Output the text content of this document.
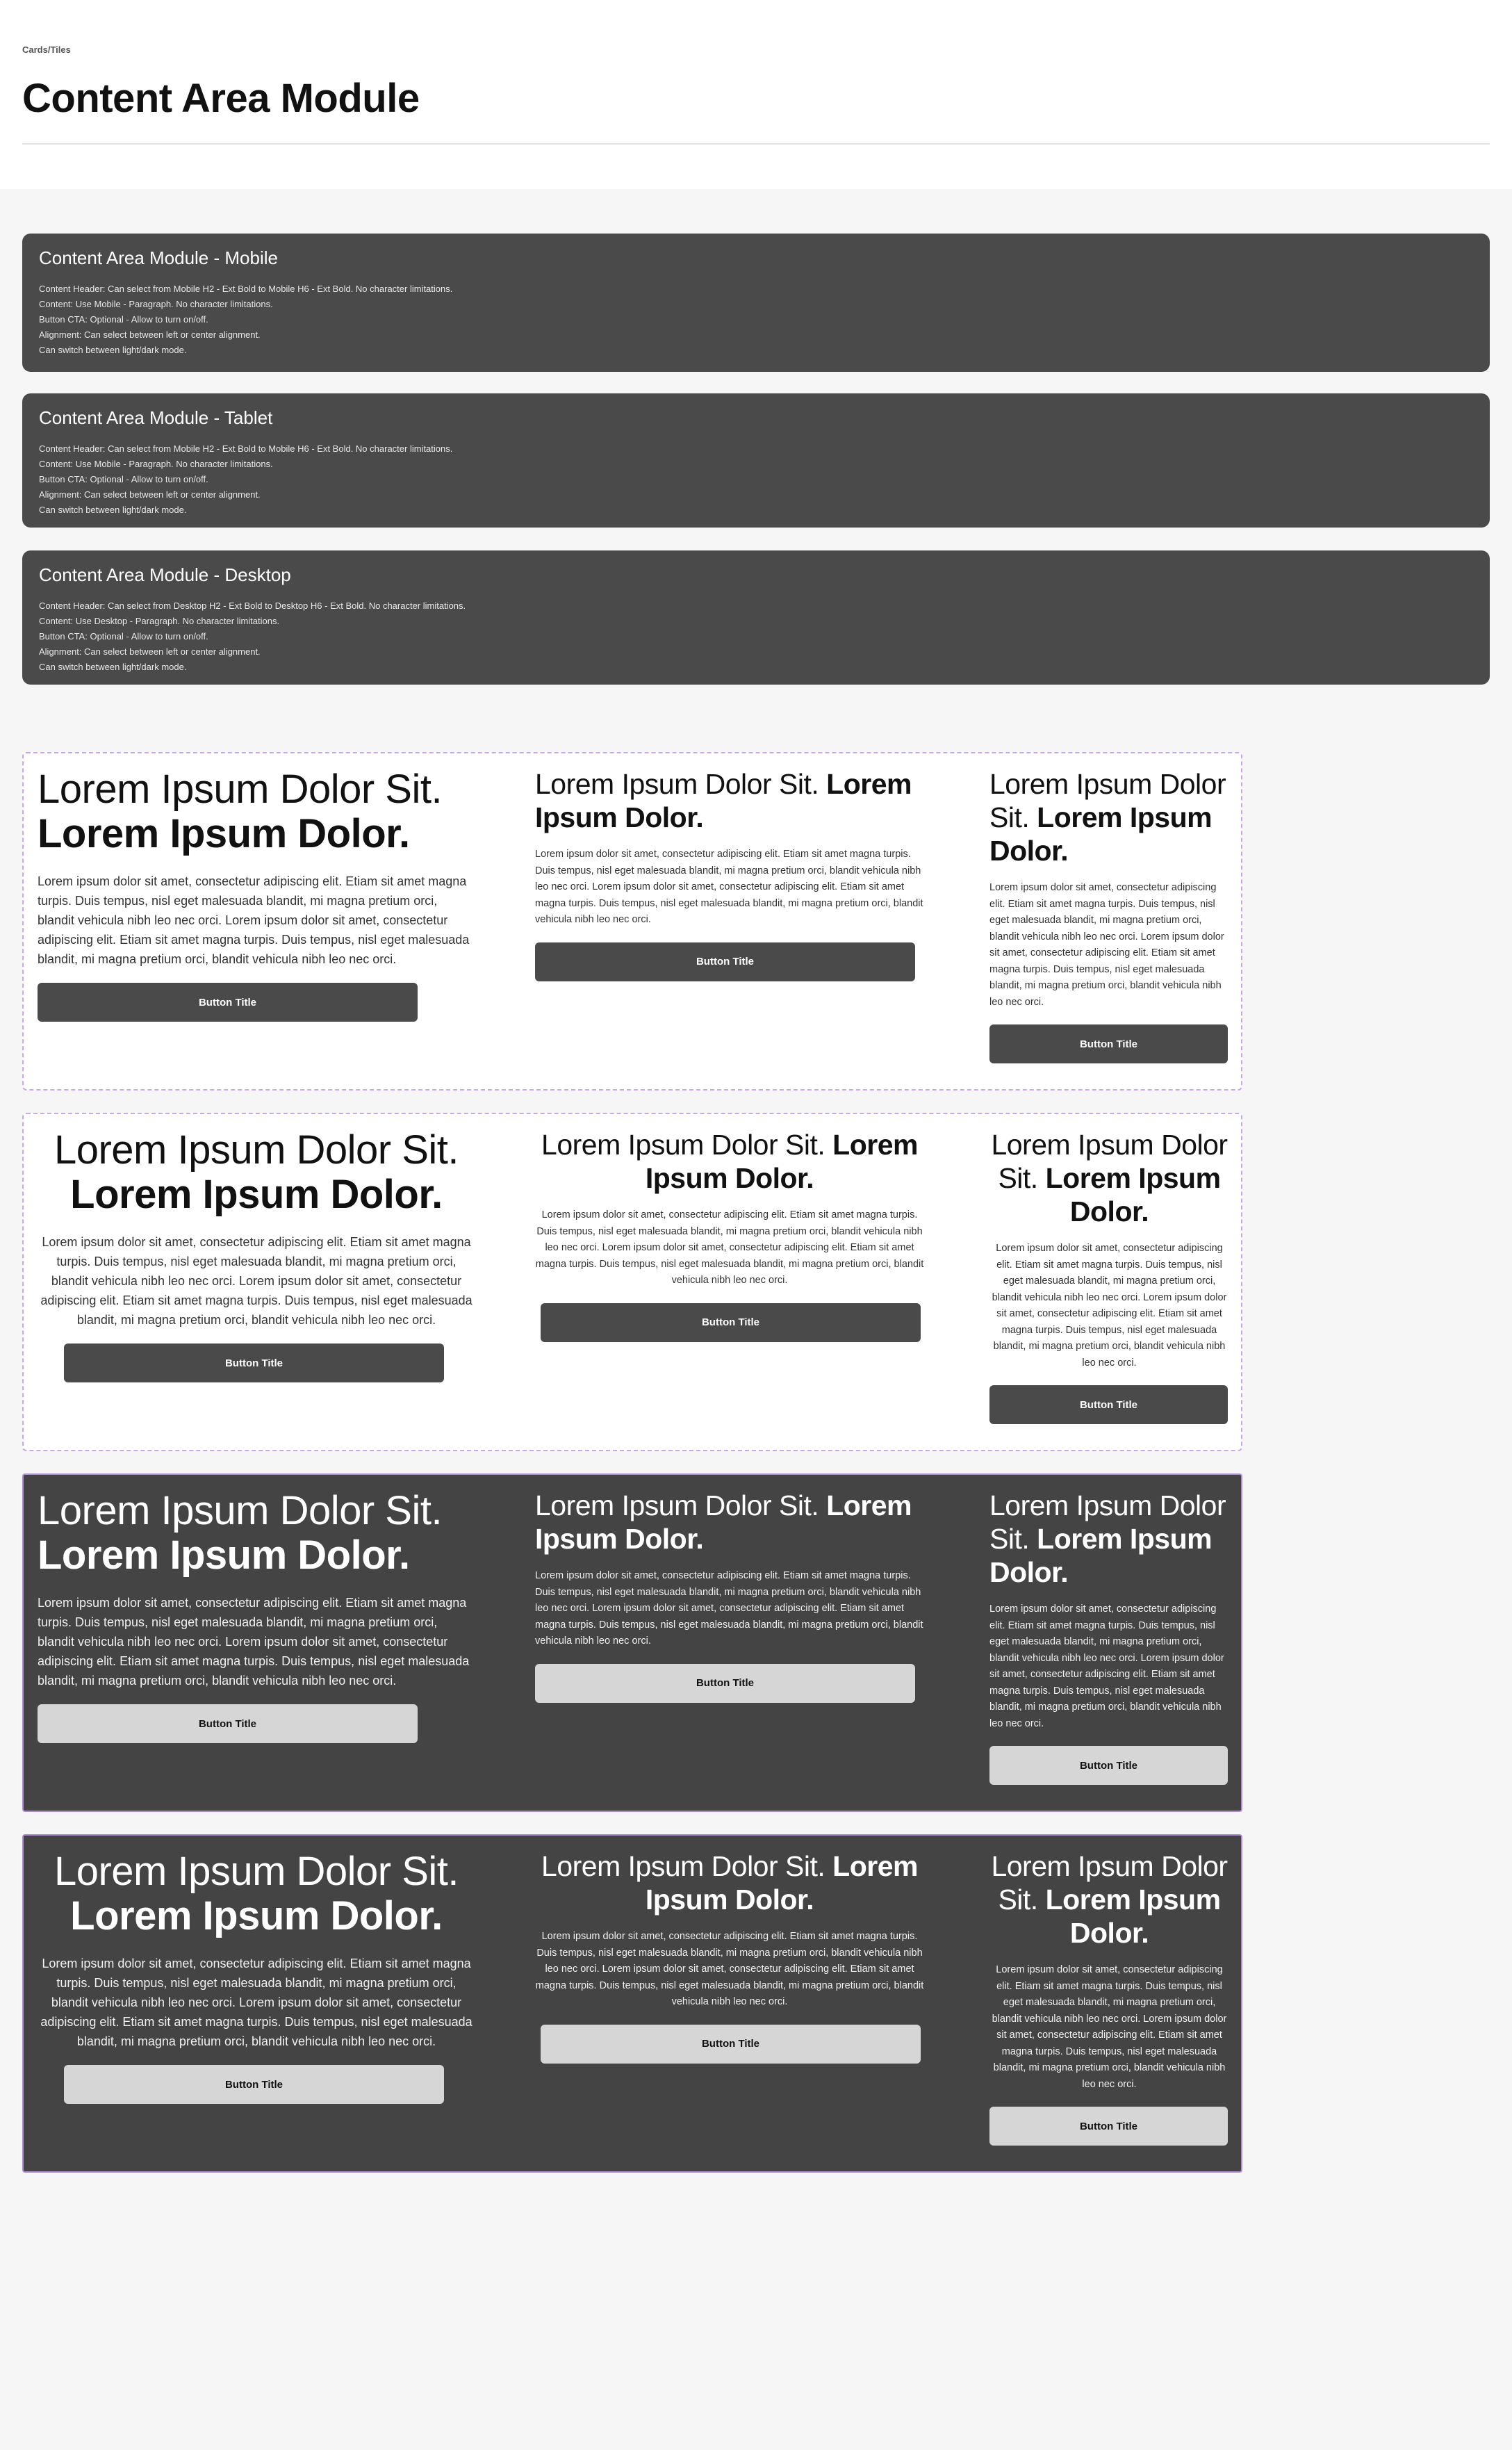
Cards/Tiles
Content Area Module
Content Area Module - Mobile
Content Header: Can select from Mobile H2 - Ext Bold to Mobile H6 - Ext Bold. No character limitations.
Content: Use Mobile - Paragraph. No character limitations.
Button CTA: Optional - Allow to turn on/off.
Alignment: Can select between left or center alignment.
Can switch between light/dark mode.
Content Area Module - Tablet
Content Header: Can select from Mobile H2 - Ext Bold to Mobile H6 - Ext Bold. No character limitations.
Content: Use Mobile - Paragraph. No character limitations.
Button CTA: Optional - Allow to turn on/off.
Alignment: Can select between left or center alignment.
Can switch between light/dark mode.
Content Area Module - Desktop
Content Header: Can select from Desktop H2 - Ext Bold to Desktop H6 - Ext Bold. No character limitations.
Content: Use Desktop - Paragraph. No character limitations.
Button CTA: Optional - Allow to turn on/off.
Alignment: Can select between left or center alignment.
Can switch between light/dark mode.
Lorem Ipsum Dolor Sit.
Lorem Ipsum Dolor.

Lorem ipsum dolor sit amet, consectetur adipiscing elit. Etiam sit amet magna turpis. Duis tempus, nisl eget malesuada blandit, mi magna pretium orci, blandit vehicula nibh leo nec orci. Lorem ipsum dolor sit amet, consectetur adipiscing elit. Etiam sit amet magna turpis. Duis tempus, nisl eget malesuada blandit, mi magna pretium orci, blandit vehicula nibh leo nec orci.

Button Title
Lorem Ipsum Dolor Sit. Lorem Ipsum Dolor.

Lorem ipsum dolor sit amet, consectetur adipiscing elit. Etiam sit amet magna turpis. Duis tempus, nisl eget malesuada blandit, mi magna pretium orci, blandit vehicula nibh leo nec orci. Lorem ipsum dolor sit amet, consectetur adipiscing elit. Etiam sit amet magna turpis. Duis tempus, nisl eget malesuada blandit, mi magna pretium orci, blandit vehicula nibh leo nec orci.

Button Title
Lorem Ipsum Dolor Sit. Lorem Ipsum Dolor.

Lorem ipsum dolor sit amet, consectetur adipiscing elit. Etiam sit amet magna turpis. Duis tempus, nisl eget malesuada blandit, mi magna pretium orci, blandit vehicula nibh leo nec orci. Lorem ipsum dolor sit amet, consectetur adipiscing elit. Etiam sit amet magna turpis. Duis tempus, nisl eget malesuada blandit, mi magna pretium orci, blandit vehicula nibh leo nec orci.

Button Title
Lorem Ipsum Dolor Sit.
Lorem Ipsum Dolor.

Lorem ipsum dolor sit amet, consectetur adipiscing elit. Etiam sit amet magna turpis. Duis tempus, nisl eget malesuada blandit, mi magna pretium orci, blandit vehicula nibh leo nec orci. Lorem ipsum dolor sit amet, consectetur adipiscing elit. Etiam sit amet magna turpis. Duis tempus, nisl eget malesuada blandit, mi magna pretium orci, blandit vehicula nibh leo nec orci.

Button Title
Lorem Ipsum Dolor Sit. Lorem Ipsum Dolor.

Lorem ipsum dolor sit amet, consectetur adipiscing elit. Etiam sit amet magna turpis. Duis tempus, nisl eget malesuada blandit, mi magna pretium orci, blandit vehicula nibh leo nec orci. Lorem ipsum dolor sit amet, consectetur adipiscing elit. Etiam sit amet magna turpis. Duis tempus, nisl eget malesuada blandit, mi magna pretium orci, blandit vehicula nibh leo nec orci.

Button Title
Lorem Ipsum Dolor Sit. Lorem Ipsum Dolor.

Lorem ipsum dolor sit amet, consectetur adipiscing elit. Etiam sit amet magna turpis. Duis tempus, nisl eget malesuada blandit, mi magna pretium orci, blandit vehicula nibh leo nec orci. Lorem ipsum dolor sit amet, consectetur adipiscing elit. Etiam sit amet magna turpis. Duis tempus, nisl eget malesuada blandit, mi magna pretium orci, blandit vehicula nibh leo nec orci.

Button Title
Lorem Ipsum Dolor Sit.
Lorem Ipsum Dolor.

Lorem ipsum dolor sit amet, consectetur adipiscing elit. Etiam sit amet magna turpis. Duis tempus, nisl eget malesuada blandit, mi magna pretium orci, blandit vehicula nibh leo nec orci. Lorem ipsum dolor sit amet, consectetur adipiscing elit. Etiam sit amet magna turpis. Duis tempus, nisl eget malesuada blandit, mi magna pretium orci, blandit vehicula nibh leo nec orci.

Button Title
Lorem Ipsum Dolor Sit. Lorem Ipsum Dolor.

Lorem ipsum dolor sit amet, consectetur adipiscing elit. Etiam sit amet magna turpis. Duis tempus, nisl eget malesuada blandit, mi magna pretium orci, blandit vehicula nibh leo nec orci. Lorem ipsum dolor sit amet, consectetur adipiscing elit. Etiam sit amet magna turpis. Duis tempus, nisl eget malesuada blandit, mi magna pretium orci, blandit vehicula nibh leo nec orci.

Button Title
Lorem Ipsum Dolor Sit. Lorem Ipsum Dolor.

Lorem ipsum dolor sit amet, consectetur adipiscing elit. Etiam sit amet magna turpis. Duis tempus, nisl eget malesuada blandit, mi magna pretium orci, blandit vehicula nibh leo nec orci. Lorem ipsum dolor sit amet, consectetur adipiscing elit. Etiam sit amet magna turpis. Duis tempus, nisl eget malesuada blandit, mi magna pretium orci, blandit vehicula nibh leo nec orci.

Button Title
Lorem Ipsum Dolor Sit.
Lorem Ipsum Dolor.

Lorem ipsum dolor sit amet, consectetur adipiscing elit. Etiam sit amet magna turpis. Duis tempus, nisl eget malesuada blandit, mi magna pretium orci, blandit vehicula nibh leo nec orci. Lorem ipsum dolor sit amet, consectetur adipiscing elit. Etiam sit amet magna turpis. Duis tempus, nisl eget malesuada blandit, mi magna pretium orci, blandit vehicula nibh leo nec orci.

Button Title
Lorem Ipsum Dolor Sit. Lorem Ipsum Dolor.

Lorem ipsum dolor sit amet, consectetur adipiscing elit. Etiam sit amet magna turpis. Duis tempus, nisl eget malesuada blandit, mi magna pretium orci, blandit vehicula nibh leo nec orci. Lorem ipsum dolor sit amet, consectetur adipiscing elit. Etiam sit amet magna turpis. Duis tempus, nisl eget malesuada blandit, mi magna pretium orci, blandit vehicula nibh leo nec orci.

Button Title
Lorem Ipsum Dolor Sit. Lorem Ipsum Dolor.

Lorem ipsum dolor sit amet, consectetur adipiscing elit. Etiam sit amet magna turpis. Duis tempus, nisl eget malesuada blandit, mi magna pretium orci, blandit vehicula nibh leo nec orci. Lorem ipsum dolor sit amet, consectetur adipiscing elit. Etiam sit amet magna turpis. Duis tempus, nisl eget malesuada blandit, mi magna pretium orci, blandit vehicula nibh leo nec orci.

Button Title
